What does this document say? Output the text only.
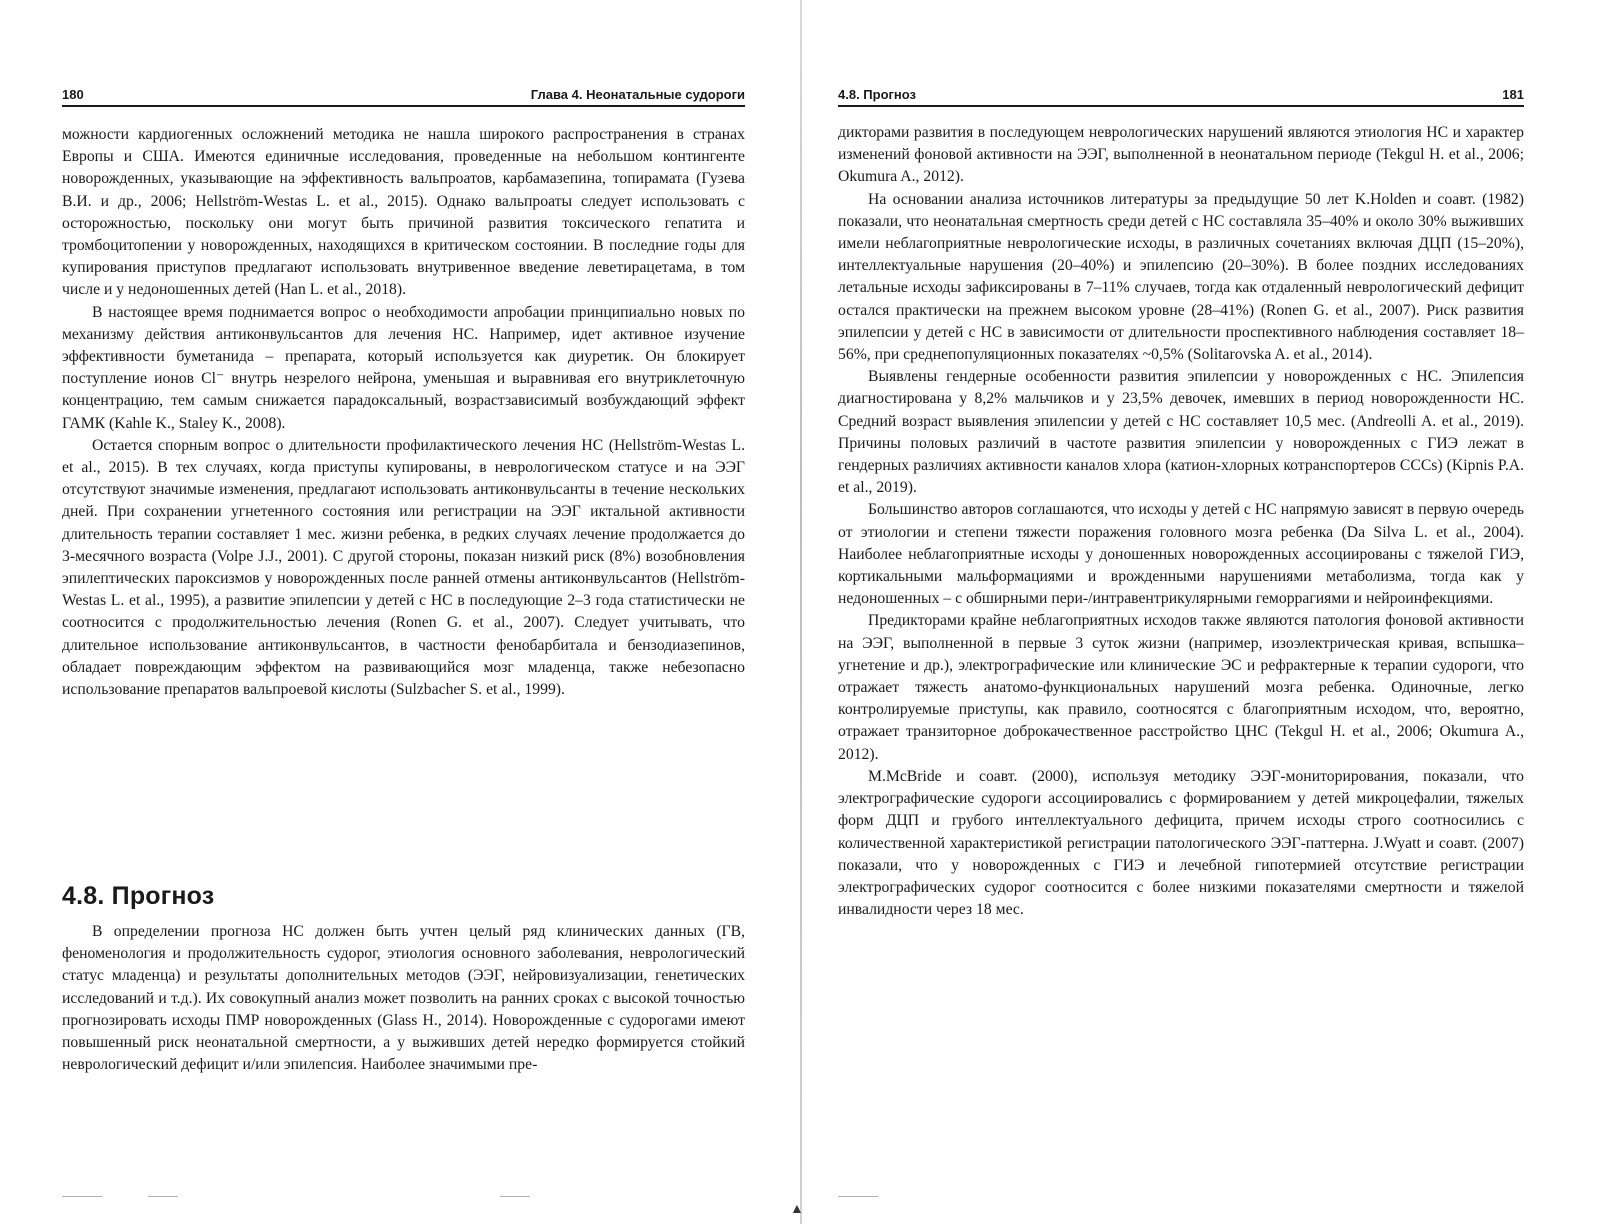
180	Глава 4. Неонатальные судороги

можности кардиогенных осложнений методика не нашла широкого распространения в странах Европы и США. Имеются единичные исследования, проведенные на небольшом контингенте новорожденных, указывающие на эффективность вальпроатов, карбамазепина, топирамата (Гузева В.И. и др., 2006; Hellström-Westas L. et al., 2015). Однако вальпроаты следует использовать с осторожностью, поскольку они могут быть причиной развития токсического гепатита и тромбоцитопении у новорожденных, находящихся в критическом состоянии. В последние годы для купирования приступов предлагают использовать внутривенное введение леветирацетама, в том числе и у недоношенных детей (Han L. et al., 2018).

В настоящее время поднимается вопрос о необходимости апробации принципиально новых по механизму действия антиконвульсантов для лечения НС. Например, идет активное изучение эффективности буметанида – препарата, который используется как диуретик. Он блокирует поступление ионов Cl⁻ внутрь незрелого нейрона, уменьшая и выравнивая его внутриклеточную концентрацию, тем самым снижается парадоксальный, возрастзависимый возбуждающий эффект ГАМК (Kahle K., Staley K., 2008).

Остается спорным вопрос о длительности профилактического лечения НС (Hellström-Westas L. et al., 2015). В тех случаях, когда приступы купированы, в неврологическом статусе и на ЭЭГ отсутствуют значимые изменения, предлагают использовать антиконвульсанты в течение нескольких дней. При сохранении угнетенного состояния или регистрации на ЭЭГ иктальной активности длительность терапии составляет 1 мес. жизни ребенка, в редких случаях лечение продолжается до 3-месячного возраста (Volpe J.J., 2001). С другой стороны, показан низкий риск (8%) возобновления эпилептических пароксизмов у новорожденных после ранней отмены антиконвульсантов (Hellström-Westas L. et al., 1995), а развитие эпилепсии у детей с НС в последующие 2–3 года статистически не соотносится с продолжительностью лечения (Ronen G. et al., 2007). Следует учитывать, что длительное использование антиконвульсантов, в частности фенобарбитала и бензодиазепинов, обладает повреждающим эффектом на развивающийся мозг младенца, также небезопасно использование препаратов вальпроевой кислоты (Sulzbacher S. et al., 1999).

4.8. Прогноз

В определении прогноза НС должен быть учтен целый ряд клинических данных (ГВ, феноменология и продолжительность судорог, этиология основного заболевания, неврологический статус младенца) и результаты дополнительных методов (ЭЭГ, нейровизуализации, генетических исследований и т.д.). Их совокупный анализ может позволить на ранних сроках с высокой точностью прогнозировать исходы ПМР новорожденных (Glass H., 2014). Новорожденные с судорогами имеют повышенный риск неонатальной смертности, а у выживших детей нередко формируется стойкий неврологический дефицит и/или эпилепсия. Наиболее значимыми пре-

▲
4.8. Прогноз	181

дикторами развития в последующем неврологических нарушений являются этиология НС и характер изменений фоновой активности на ЭЭГ, выполненной в неонатальном периоде (Tekgul H. et al., 2006; Okumura A., 2012).

На основании анализа источников литературы за предыдущие 50 лет K.Holden и соавт. (1982) показали, что неонатальная смертность среди детей с НС составляла 35–40% и около 30% выживших имели неблагоприятные неврологические исходы, в различных сочетаниях включая ДЦП (15–20%), интеллектуальные нарушения (20–40%) и эпилепсию (20–30%). В более поздних исследованиях летальные исходы зафиксированы в 7–11% случаев, тогда как отдаленный неврологический дефицит остался практически на прежнем высоком уровне (28–41%) (Ronen G. et al., 2007). Риск развития эпилепсии у детей с НС в зависимости от длительности проспективного наблюдения составляет 18–56%, при среднепопуляционных показателях ~0,5% (Solitarovska A. et al., 2014).

Выявлены гендерные особенности развития эпилепсии у новорожденных с НС. Эпилепсия диагностирована у 8,2% мальчиков и у 23,5% девочек, имевших в период новорожденности НС. Средний возраст выявления эпилепсии у детей с НС составляет 10,5 мес. (Andreolli A. et al., 2019). Причины половых различий в частоте развития эпилепсии у новорожденных с ГИЭ лежат в гендерных различиях активности каналов хлора (катион-хлорных котранспортеров CCCs) (Kipnis P.A. et al., 2019).

Большинство авторов соглашаются, что исходы у детей с НС напрямую зависят в первую очередь от этиологии и степени тяжести поражения головного мозга ребенка (Da Silva L. et al., 2004). Наиболее неблагоприятные исходы у доношенных новорожденных ассоциированы с тяжелой ГИЭ, кортикальными мальформациями и врожденными нарушениями метаболизма, тогда как у недоношенных – с обширными пери-/интравентрикулярными геморрагиями и нейроинфекциями.

Предикторами крайне неблагоприятных исходов также являются патология фоновой активности на ЭЭГ, выполненной в первые 3 суток жизни (например, изоэлектрическая кривая, вспышка–угнетение и др.), электрографические или клинические ЭС и рефрактерные к терапии судороги, что отражает тяжесть анатомо-функциональных нарушений мозга ребенка. Одиночные, легко контролируемые приступы, как правило, соотносятся с благоприятным исходом, что, вероятно, отражает транзиторное доброкачественное расстройство ЦНС (Tekgul H. et al., 2006; Okumura A., 2012).

M.McBride и соавт. (2000), используя методику ЭЭГ-мониторирования, показали, что электрографические судороги ассоциировались с формированием у детей микроцефалии, тяжелых форм ДЦП и грубого интеллектуального дефицита, причем исходы строго соотносились с количественной характеристикой регистрации патологического ЭЭГ-паттерна. J.Wyatt и соавт. (2007) показали, что у новорожденных с ГИЭ и лечебной гипотермией отсутствие регистрации электрографических судорог соотносится с более низкими показателями смертности и тяжелой инвалидности через 18 мес.
